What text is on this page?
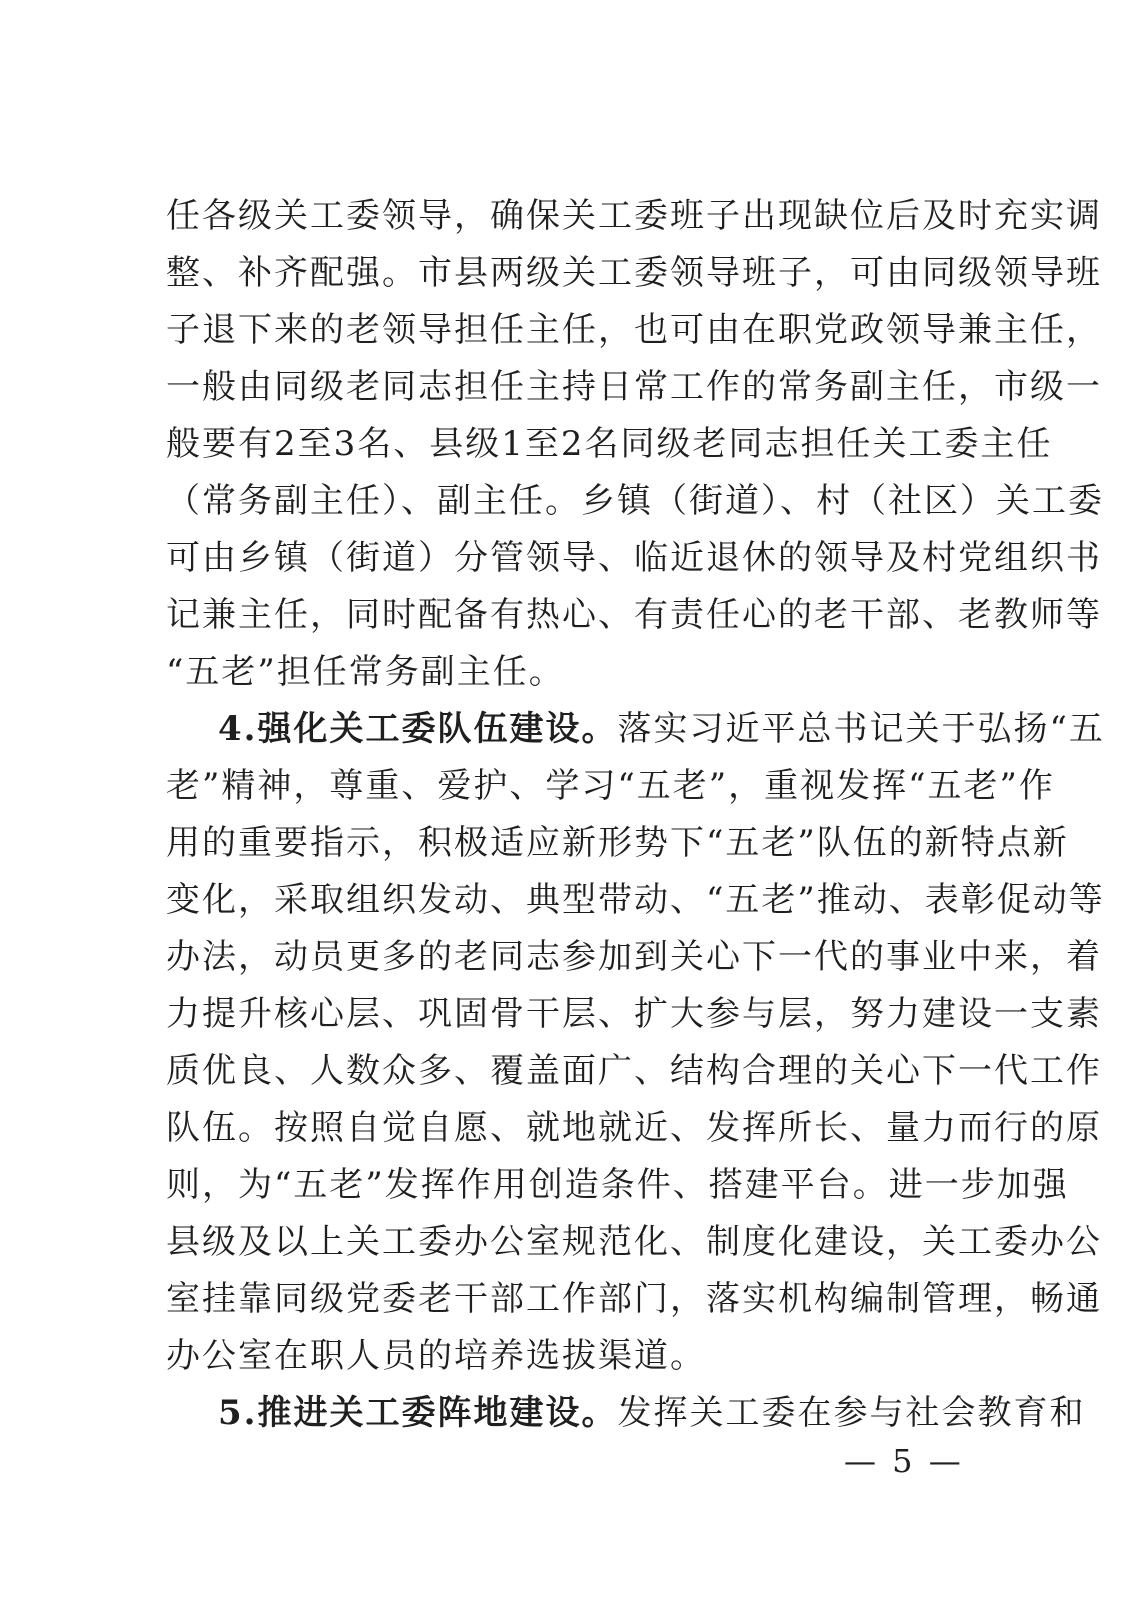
任各级关工委领导，确保关工委班子出现缺位后及时充实调
整、补齐配强。市县两级关工委领导班子，可由同级领导班
子退下来的老领导担任主任，也可由在职党政领导兼主任，
一般由同级老同志担任主持日常工作的常务副主任，市级一
般要有2至3名、县级1至2名同级老同志担任关工委主任
（常务副主任）、副主任。乡镇（街道）、村（社区）关工委
可由乡镇（街道）分管领导、临近退休的领导及村党组织书
记兼主任，同时配备有热心、有责任心的老干部、老教师等
“五老”担任常务副主任。
4.强化关工委队伍建设。落实习近平总书记关于弘扬“五
老”精神，尊重、爱护、学习“五老”，重视发挥“五老”作
用的重要指示，积极适应新形势下“五老”队伍的新特点新
变化，采取组织发动、典型带动、“五老”推动、表彰促动等
办法，动员更多的老同志参加到关心下一代的事业中来，着
力提升核心层、巩固骨干层、扩大参与层，努力建设一支素
质优良、人数众多、覆盖面广、结构合理的关心下一代工作
队伍。按照自觉自愿、就地就近、发挥所长、量力而行的原
则，为“五老”发挥作用创造条件、搭建平台。进一步加强
县级及以上关工委办公室规范化、制度化建设，关工委办公
室挂靠同级党委老干部工作部门，落实机构编制管理，畅通
办公室在职人员的培养选拔渠道。
5.推进关工委阵地建设。发挥关工委在参与社会教育和
— 5 —
